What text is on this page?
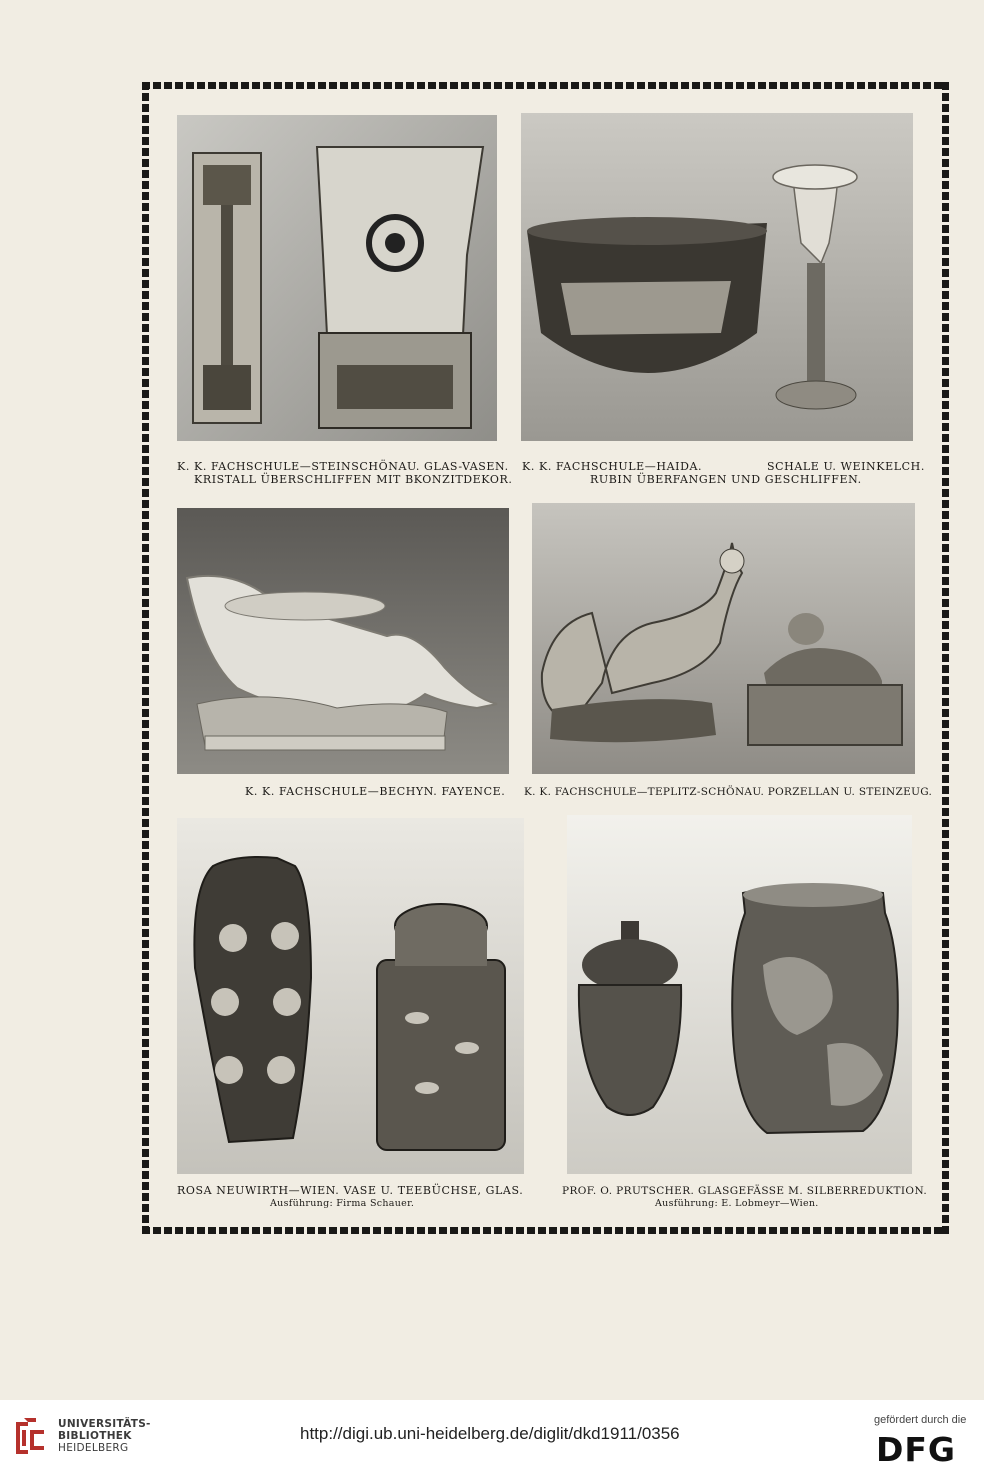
K. K. FACHSCHULE—STEINSCHÖNAU. GLAS-VASEN.
KRISTALL ÜBERSCHLIFFEN MIT BKONZITDEKOR.
K. K. FACHSCHULE—HAIDA.	SCHALE U. WEINKELCH.
RUBIN ÜBERFANGEN UND GESCHLIFFEN.
K. K. FACHSCHULE—BECHYN. FAYENCE. K. K. FACHSCHULE—TEPLITZ-SCHÖNAU. PORZELLAN U. STEINZEUG.
ROSA NEUWIRTH—WIEN. VASE U. TEEBÜCHSE, GLAS.
Ausführung: Firma Schauer.
PROF. O. PRUTSCHER. GLASGEFÄSSE M. SILBERREDUKTION.
Ausführung: E. Lobmeyr—Wien.
UNIVERSITÄTS-
BIBLIOTHEK
HEIDELBERG
http://digi.ub.uni-heidelberg.de/diglit/dkd1911/0356
gefördert durch die
DFG
